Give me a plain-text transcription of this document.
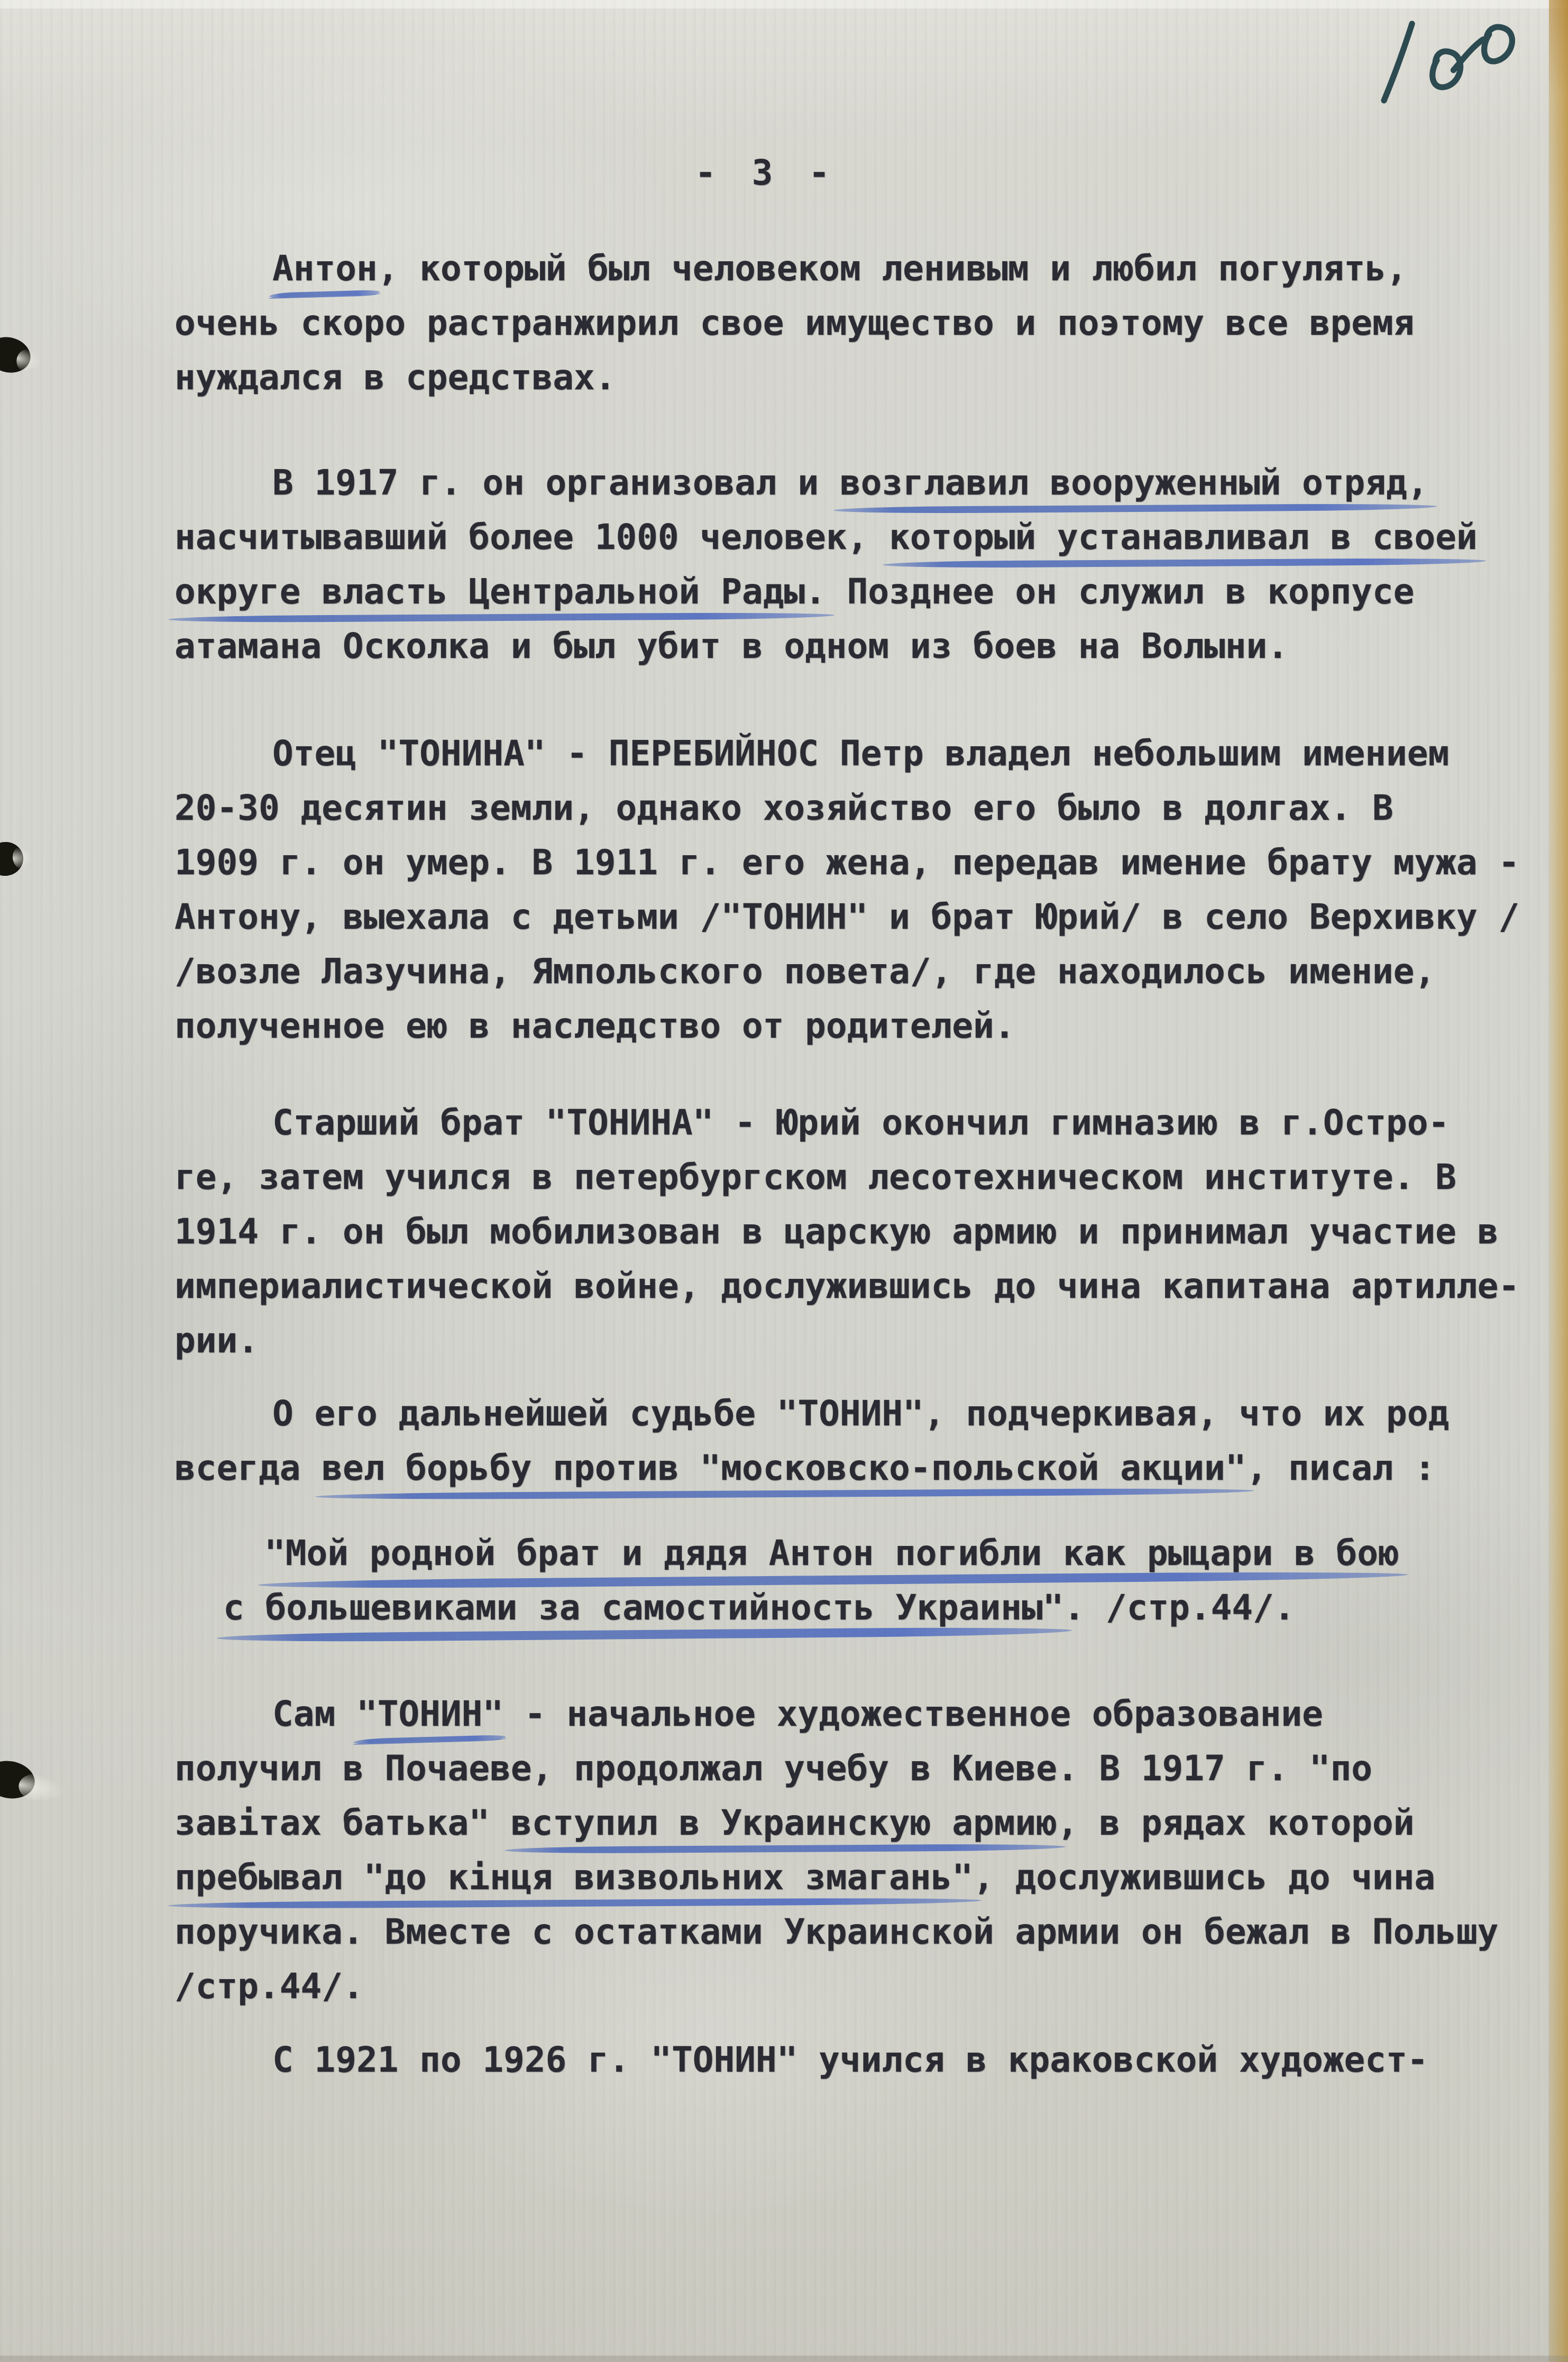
- 3 -
Антон, который был человеком ленивым и любил погулять,
очень скоро растранжирил свое имущество и поэтому все время
нуждался в средствах.
В 1917 г. он организовал и возглавил вооруженный отряд,
насчитывавший более 1000 человек, который устанавливал в своей
округе власть Центральной Рады. Позднее он служил в корпусе
атамана Осколка и был убит в одном из боев на Волыни.
Отец "ТОНИНА" - ПЕРЕБИЙНОС Петр владел небольшим имением
20-30 десятин земли, однако хозяйство его было в долгах. В
1909 г. он умер. В 1911 г. его жена, передав имение брату мужа -
Антону, выехала с детьми /"ТОНИН" и брат Юрий/ в село Верхивку /
/возле Лазучина, Ямпольского повета/, где находилось имение,
полученное ею в наследство от родителей.
Старший брат "ТОНИНА" - Юрий окончил гимназию в г.Остро-
ге, затем учился в петербургском лесотехническом институте. В
1914 г. он был мобилизован в царскую армию и принимал участие в
империалистической войне, дослужившись до чина капитана артилле-
рии.
О его дальнейшей судьбе "ТОНИН", подчеркивая, что их род
всегда вел борьбу против "московско-польской акции", писал :
"Мой родной брат и дядя Антон погибли как рыцари в бою
с большевиками за самостийность Украины". /стр.44/.
Сам "ТОНИН" - начальное художественное образование
получил в Почаеве, продолжал учебу в Киеве. В 1917 г. "по
завітах батька" вступил в Украинскую армию, в рядах которой
пребывал "до кінця визвольних змагань", дослужившись до чина
поручика. Вместе с остатками Украинской армии он бежал в Польшу
/стр.44/.
С 1921 по 1926 г. "ТОНИН" учился в краковской художест-
